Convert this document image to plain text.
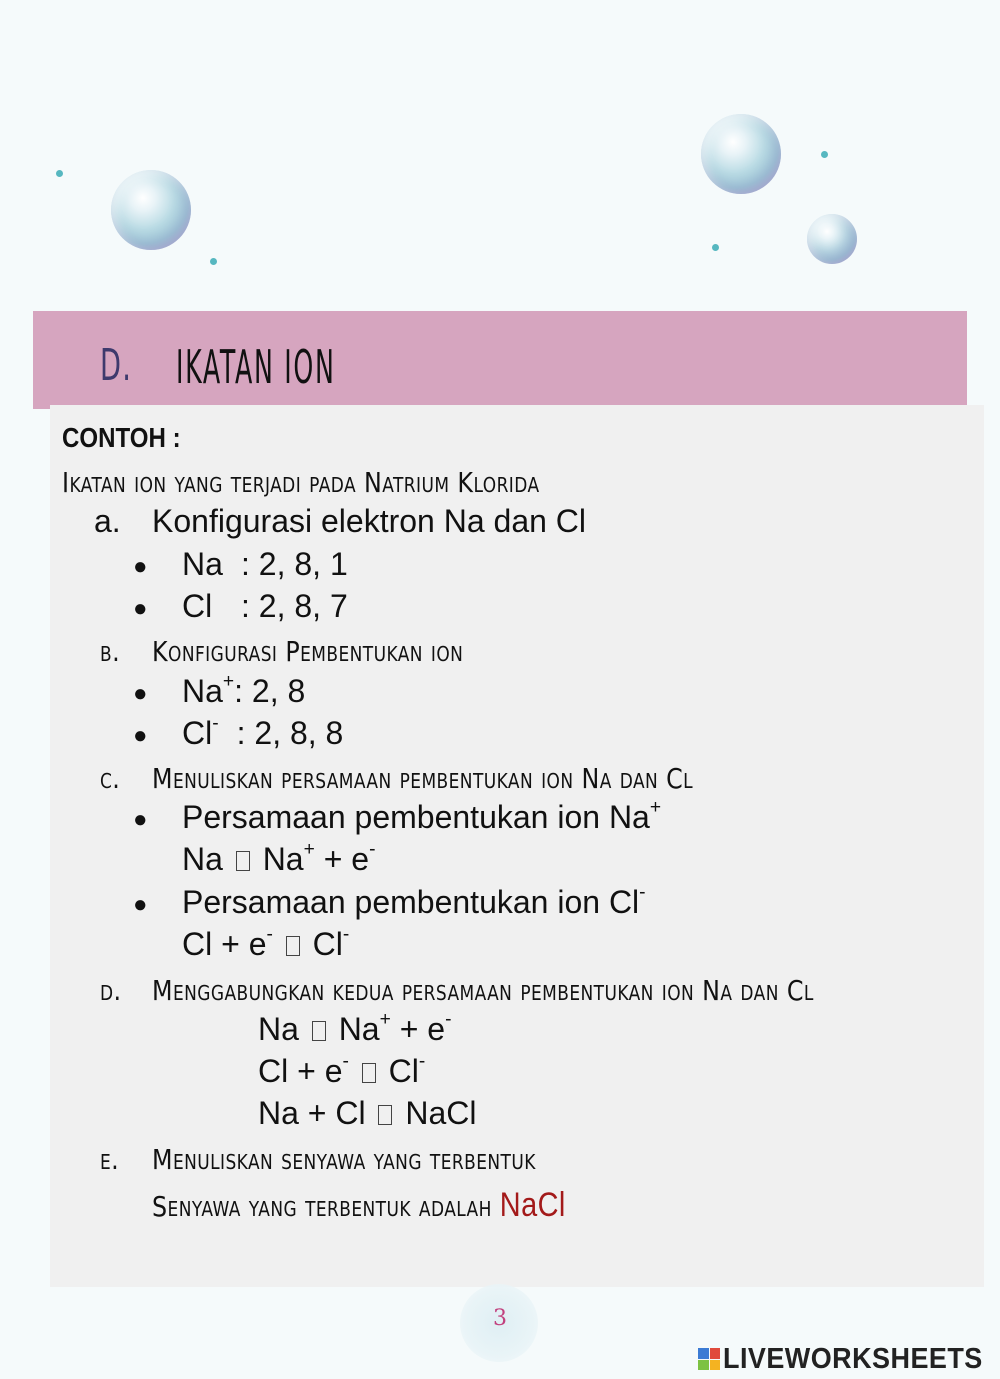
D. IKATAN ION
CONTOH :
Ikatan ion yang terjadi pada Natrium Klorida
a. Konfigurasi elektron Na dan Cl
● Na : 2, 8, 1
● Cl : 2, 8, 7
b. Konfigurasi Pembentukan ion
● Na+: 2, 8
● Cl- : 2, 8, 8
c. Menuliskan persamaan pembentukan ion Na dan Cl
● Persamaan pembentukan ion Na+
Na Na+ + e-
● Persamaan pembentukan ion Cl-
Cl + e- Cl-
d. Menggabungkan kedua persamaan pembentukan ion Na dan Cl
Na Na+ + e-
Cl + e- Cl-
Na + Cl NaCl
e. Menuliskan senyawa yang terbentuk
Senyawa yang terbentuk adalah NaCl
3
LIVEWORKSHEETS
